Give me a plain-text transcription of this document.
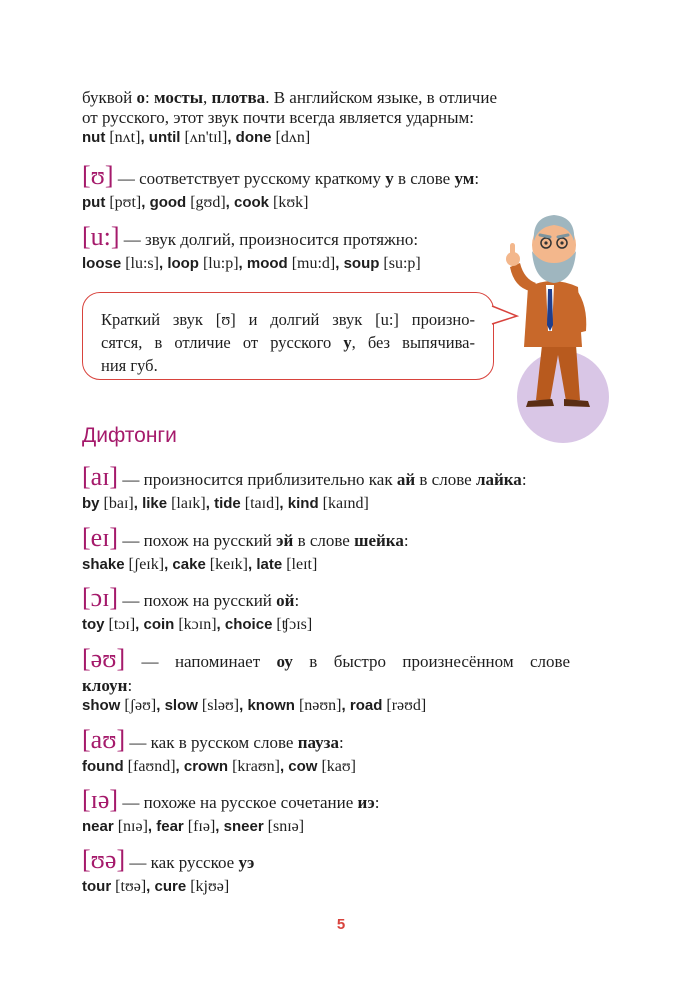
буквой о: мосты, плотва. В английском языке, в отличие
от русского, этот звук почти всегда является ударным:
nut [nʌt], until [ʌn'tɪl], done [dʌn]
[ʊ] — соответствует русскому краткому у в слове ум:
put [pʊt], good [gʊd], cook [kʊk]
[u:] — звук долгий, произносится протяжно:
loose [lu:s], loop [lu:p], mood [mu:d], soup [su:p]
Краткий звук [ʊ] и долгий звук [u:] произно-
сятся, в отличие от русского у, без выпячива-
ния губ.
Дифтонги
[aɪ] — произносится приблизительно как ай в слове лайка:
by [baɪ], like [laɪk], tide [taɪd], kind [kaɪnd]
[eɪ] — похож на русский эй в слове шейка:
shake [ʃeɪk], cake [keɪk], late [leɪt]
[ɔɪ] — похож на русский ой:
toy [tɔɪ], coin [kɔɪn], choice [ʧɔɪs]
[əʊ] — напоминает оу в быстро произнесённом слове
клоун:
show [ʃəʊ], slow [sləʊ], known [nəʊn], road [rəʊd]
[aʊ] — как в русском слове пауза:
found [faʊnd], crown [kraʊn], cow [kaʊ]
[ɪə] — похоже на русское сочетание иэ:
near [nɪə], fear [fɪə], sneer [snɪə]
[ʊə] — как русское уэ
tour [tʊə], cure [kjʊə]
5
